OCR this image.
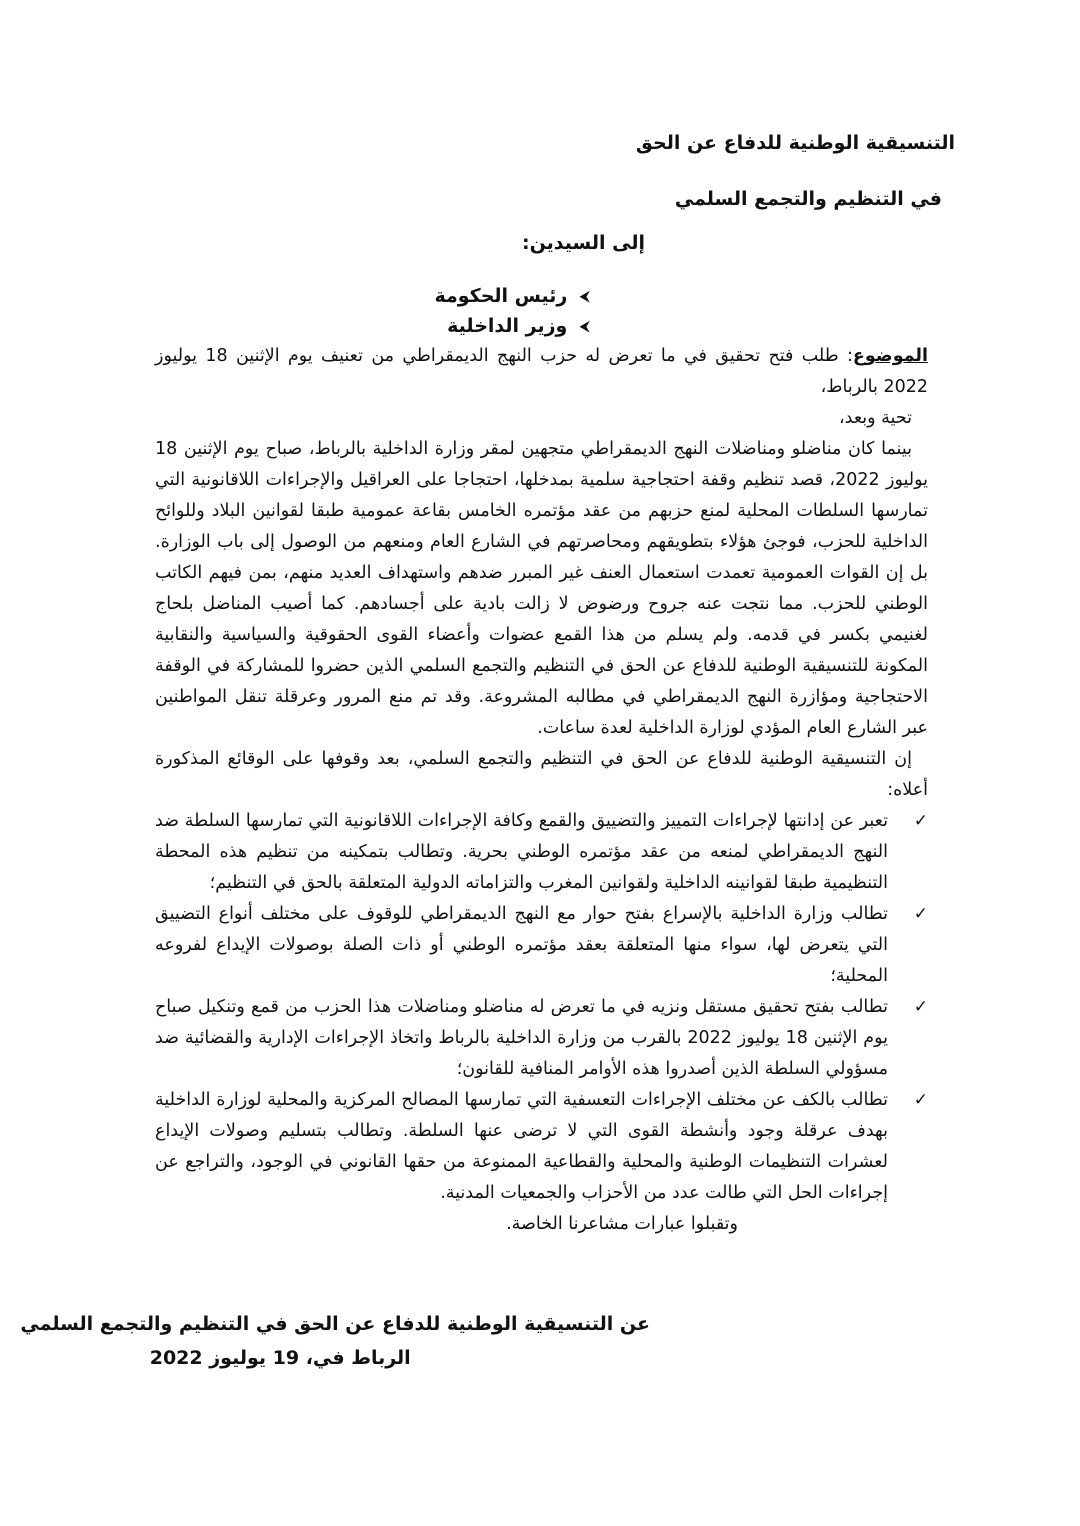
التنسيقية الوطنية للدفاع عن الحق
في التنظيم والتجمع السلمي
إلى السيدين:
⮜
رئيس الحكومة
⮜
وزير الداخلية

الموضوع: طلب فتح تحقيق في ما تعرض له حزب النهج الديمقراطي من تعنيف يوم الإثنين 18 يوليوز 2022 بالرباط،

تحية وبعد،

بينما كان مناضلو ومناضلات النهج الديمقراطي متجهين لمقر وزارة الداخلية بالرباط، صباح يوم الإثنين 18 يوليوز 2022، قصد تنظيم وقفة احتجاجية سلمية بمدخلها، احتجاجا على العراقيل والإجراءات اللاقانونية التي تمارسها السلطات المحلية لمنع حزبهم من عقد مؤتمره الخامس بقاعة عمومية طبقا لقوانين البلاد وللوائح الداخلية للحزب، فوجئ هؤلاء بتطويقهم ومحاصرتهم في الشارع العام ومنعهم من الوصول إلى باب الوزارة. بل إن القوات العمومية تعمدت استعمال العنف غير المبرر ضدهم واستهداف العديد منهم، بمن فيهم الكاتب الوطني للحزب. مما نتجت عنه جروح ورضوض لا زالت بادية على أجسادهم. كما أصيب المناضل بلحاج لغنيمي بكسر في قدمه. ولم يسلم من هذا القمع عضوات وأعضاء القوى الحقوقية والسياسية والنقابية المكونة للتنسيقية الوطنية للدفاع عن الحق في التنظيم والتجمع السلمي الذين حضروا للمشاركة في الوقفة الاحتجاجية ومؤازرة النهج الديمقراطي في مطالبه المشروعة. وقد تم منع المرور وعرقلة تنقل المواطنين عبر الشارع العام المؤدي لوزارة الداخلية لعدة ساعات.

إن التنسيقية الوطنية للدفاع عن الحق في التنظيم والتجمع السلمي، بعد وقوفها على الوقائع المذكورة أعلاه:

✓
تعبر عن إدانتها لإجراءات التمييز والتضييق والقمع وكافة الإجراءات اللاقانونية التي تمارسها السلطة ضد النهج الديمقراطي لمنعه من عقد مؤتمره الوطني بحرية. وتطالب بتمكينه من تنظيم هذه المحطة التنظيمية طبقا لقوانينه الداخلية ولقوانين المغرب والتزاماته الدولية المتعلقة بالحق في التنظيم؛
✓
تطالب وزارة الداخلية بالإسراع بفتح حوار مع النهج الديمقراطي للوقوف على مختلف أنواع التضييق التي يتعرض لها، سواء منها المتعلقة بعقد مؤتمره الوطني أو ذات الصلة بوصولات الإيداع لفروعه المحلية؛
✓
تطالب بفتح تحقيق مستقل ونزيه في ما تعرض له مناضلو ومناضلات هذا الحزب من قمع وتنكيل صباح يوم الإثنين 18 يوليوز 2022 بالقرب من وزارة الداخلية بالرباط واتخاذ الإجراءات الإدارية والقضائية ضد مسؤولي السلطة الذين أصدروا هذه الأوامر المنافية للقانون؛
✓
تطالب بالكف عن مختلف الإجراءات التعسفية التي تمارسها المصالح المركزية والمحلية لوزارة الداخلية بهدف عرقلة وجود وأنشطة القوى التي لا ترضى عنها السلطة. وتطالب بتسليم وصولات الإيداع لعشرات التنظيمات الوطنية والمحلية والقطاعية الممنوعة من حقها القانوني في الوجود، والتراجع عن إجراءات الحل التي طالت عدد من الأحزاب والجمعيات المدنية.

وتقبلوا عبارات مشاعرنا الخاصة.

عن التنسيقية الوطنية للدفاع عن الحق في التنظيم والتجمع السلمي
الرباط في، 19 يوليوز 2022
